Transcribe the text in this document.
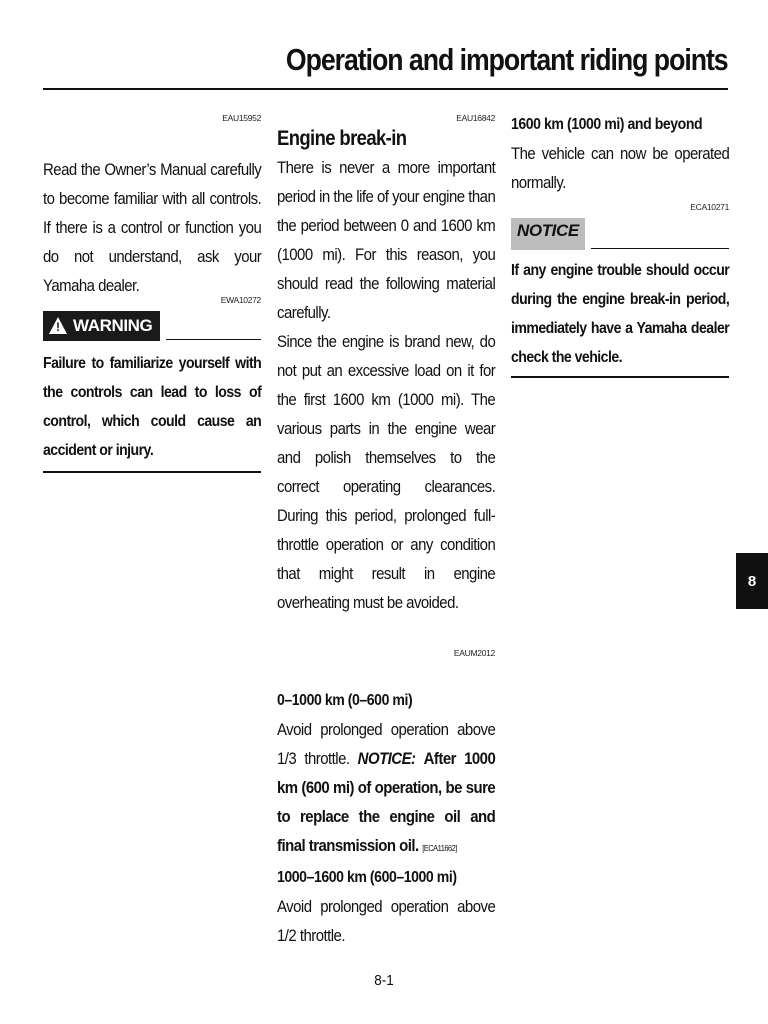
Operation and important riding points
EAU15952
Read the Owner’s Manual carefully to become familiar with all controls. If there is a control or function you do not understand, ask your Yamaha dealer.
EWA10272
! WARNING
Failure to familiarize yourself with the controls can lead to loss of control, which could cause an accident or injury.
EAU16842
Engine break-in
There is never a more important period in the life of your engine than the period between 0 and 1600 km (1000 mi). For this reason, you should read the following material carefully.
Since the engine is brand new, do not put an excessive load on it for the first 1600 km (1000 mi). The various parts in the engine wear and polish themselves to the correct operating clearances. During this period, prolonged full-throttle operation or any condition that might result in engine overheating must be avoided.
EAUM2012
0–1000 km (0–600 mi)
Avoid prolonged operation above 1/3 throttle. NOTICE: After 1000 km (600 mi) of operation, be sure to replace the engine oil and final transmission oil. [ECA11662]
1000–1600 km (600–1000 mi)
Avoid prolonged operation above 1/2 throttle.
1600 km (1000 mi) and beyond
The vehicle can now be operated normally.
ECA10271
NOTICE
If any engine trouble should occur during the engine break-in period, immediately have a Yamaha dealer check the vehicle.
8
8-1
